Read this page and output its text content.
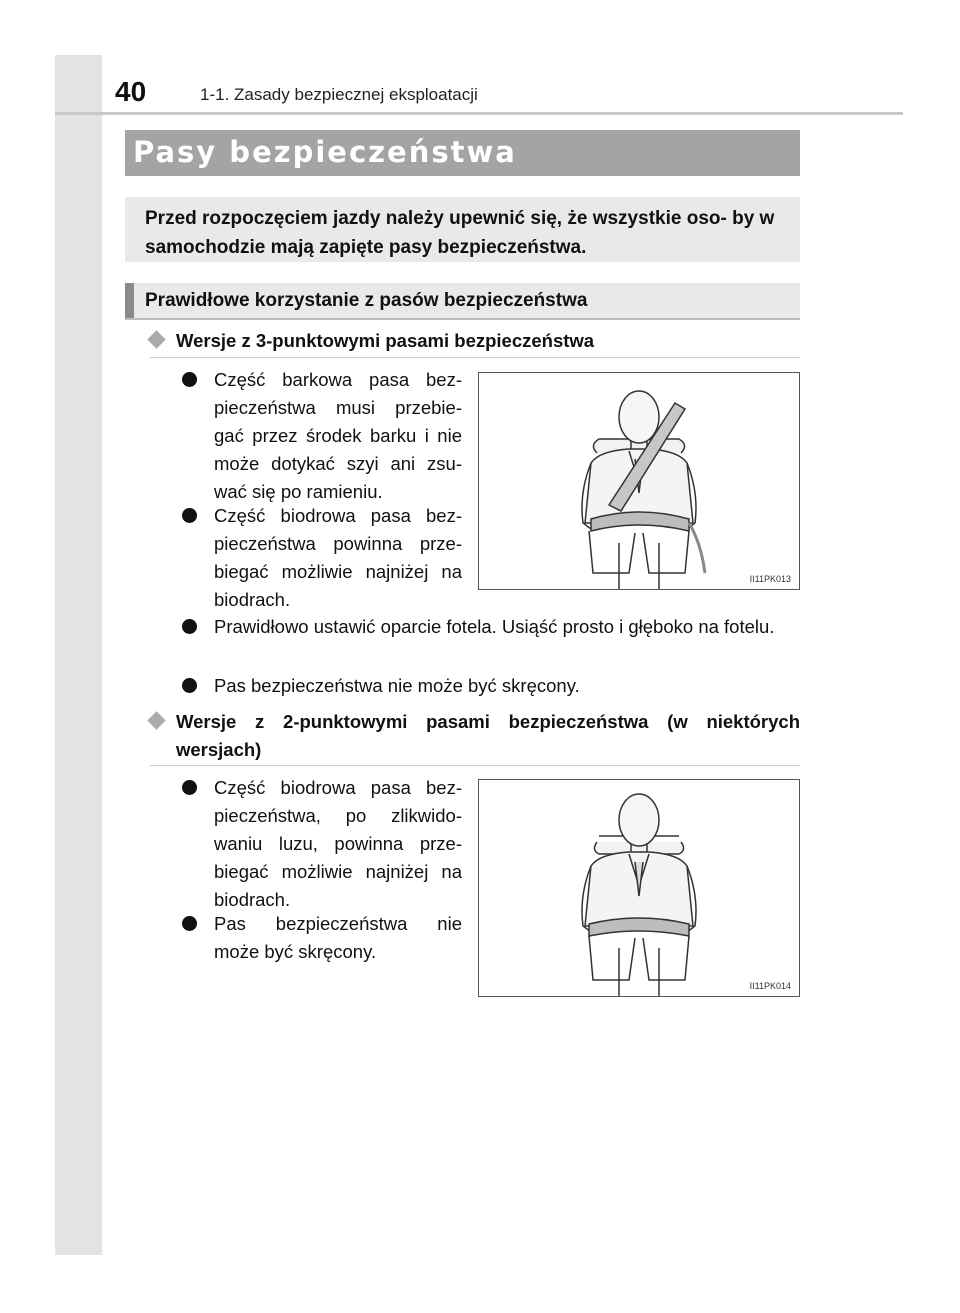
40	1-1. Zasady bezpiecznej eksploatacji
Pasy bezpieczeństwa

Przed rozpoczęciem jazdy należy upewnić się, że wszystkie oso- by w samochodzie mają zapięte pasy bezpieczeństwa.

Prawidłowe korzystanie z pasów bezpieczeństwa
Wersje z 3-punktowymi pasami bezpieczeństwa
Część barkowa pasa bez- pieczeństwa musi przebie- gać przez środek barku i nie może dotykać szyi ani zsu- wać się po ramieniu.
Część biodrowa pasa bez- pieczeństwa powinna prze- biegać możliwie najniżej na biodrach.
Prawidłowo ustawić oparcie fotela. Usiąść prosto i głęboko na fotelu.
Pas bezpieczeństwa nie może być skręcony.
II11PK013
Wersje z 2-punktowymi pasami bezpieczeństwa (w niektórych wersjach)
Część biodrowa pasa bez- pieczeństwa, po zlikwido- waniu luzu, powinna prze- biegać możliwie najniżej na biodrach.
Pas bezpieczeństwa nie może być skręcony.
II11PK014
